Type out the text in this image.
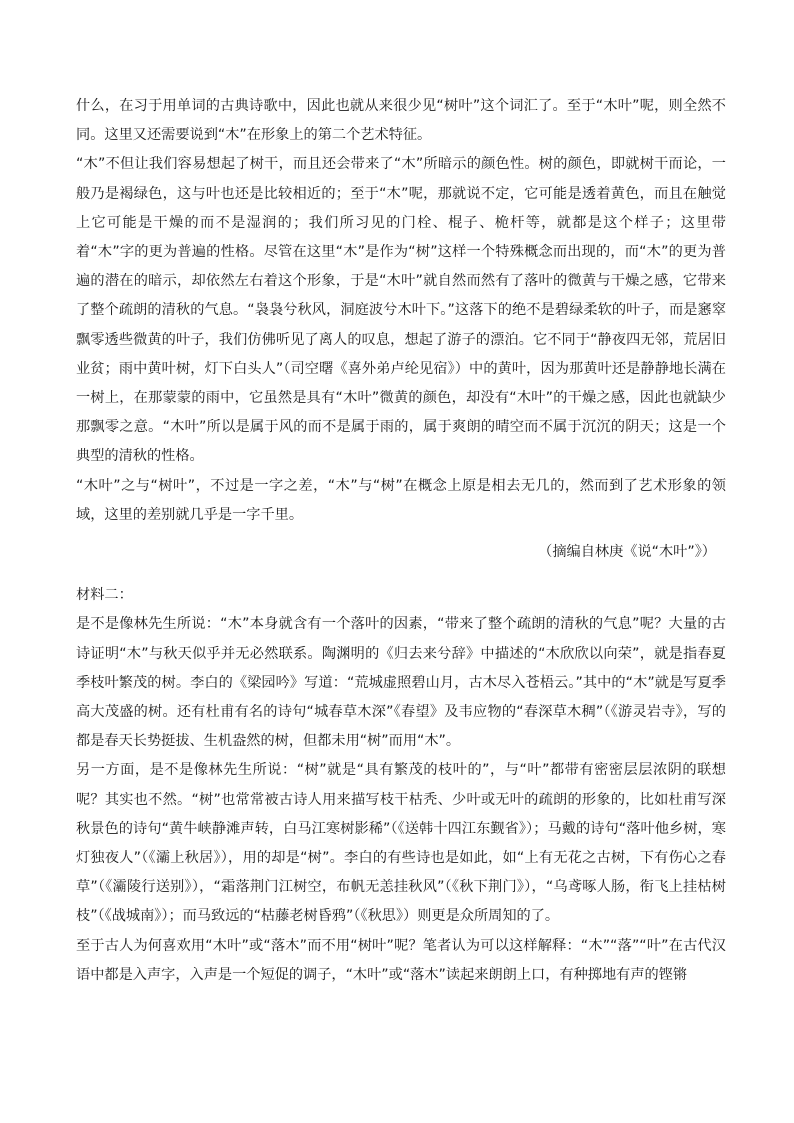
什么，在习于用单词的古典诗歌中，因此也就从来很少见“树叶”这个词汇了。至于“木叶”呢，则全然不同。这里又还需要说到“木”在形象上的第二个艺术特征。

“木”不但让我们容易想起了树干，而且还会带来了“木”所暗示的颜色性。树的颜色，即就树干而论，一般乃是褐绿色，这与叶也还是比较相近的；至于“木”呢，那就说不定，它可能是透着黄色，而且在触觉上它可能是干燥的而不是湿润的；我们所习见的门栓、棍子、桅杆等，就都是这个样子；这里带着“木”字的更为普遍的性格。尽管在这里“木”是作为“树”这样一个特殊概念而出现的，而“木”的更为普遍的潜在的暗示，却依然左右着这个形象，于是“木叶”就自然而然有了落叶的微黄与干燥之感，它带来了整个疏朗的清秋的气息。“袅袅兮秋风，洞庭波兮木叶下。”这落下的绝不是碧绿柔软的叶子，而是窸窣飘零透些微黄的叶子，我们仿佛听见了离人的叹息，想起了游子的漂泊。它不同于“静夜四无邻，荒居旧业贫；雨中黄叶树，灯下白头人”（司空曙《喜外弟卢纶见宿》）中的黄叶，因为那黄叶还是静静地长满在一树上，在那蒙蒙的雨中，它虽然是具有“木叶”微黄的颜色，却没有“木叶”的干燥之感，因此也就缺少那飘零之意。“木叶”所以是属于风的而不是属于雨的，属于爽朗的晴空而不属于沉沉的阴天；这是一个典型的清秋的性格。

“木叶”之与“树叶”，不过是一字之差，“木”与“树”在概念上原是相去无几的，然而到了艺术形象的领域，这里的差别就几乎是一字千里。

（摘编自林庚《说“木叶”》）

材料二：

是不是像林先生所说：“木”本身就含有一个落叶的因素，“带来了整个疏朗的清秋的气息”呢？大量的古诗证明“木”与秋天似乎并无必然联系。陶渊明的《归去来兮辞》中描述的“木欣欣以向荣”，就是指春夏季枝叶繁茂的树。李白的《梁园吟》写道：“荒城虚照碧山月，古木尽入苍梧云。”其中的“木”就是写夏季高大茂盛的树。还有杜甫有名的诗句“城春草木深”《春望》及韦应物的“春深草木稠”（《游灵岩寺》，写的都是春天长势挺拔、生机盎然的树，但都未用“树”而用“木”。

另一方面，是不是像林先生所说：“树”就是“具有繁茂的枝叶的”，与“叶”都带有密密层层浓阴的联想呢？其实也不然。“树”也常常被古诗人用来描写枝干枯秃、少叶或无叶的疏朗的形象的，比如杜甫写深秋景色的诗句“黄牛峡静滩声转，白马江寒树影稀”（《送韩十四江东觐省》）；马戴的诗句“落叶他乡树，寒灯独夜人”（《灞上秋居》），用的却是“树”。李白的有些诗也是如此，如“上有无花之古树，下有伤心之春草”（《灞陵行送别》），“霜落荆门江树空，布帆无恙挂秋风”（《秋下荆门》），“乌鸢啄人肠，衔飞上挂枯树枝”（《战城南》）；而马致远的“枯藤老树昏鸦”（《秋思》）则更是众所周知的了。

至于古人为何喜欢用“木叶”或“落木”而不用“树叶”呢？笔者认为可以这样解释：“木”“落”“叶”在古代汉语中都是入声字，入声是一个短促的调子，“木叶”或“落木”读起来朗朗上口，有种掷地有声的铿锵
